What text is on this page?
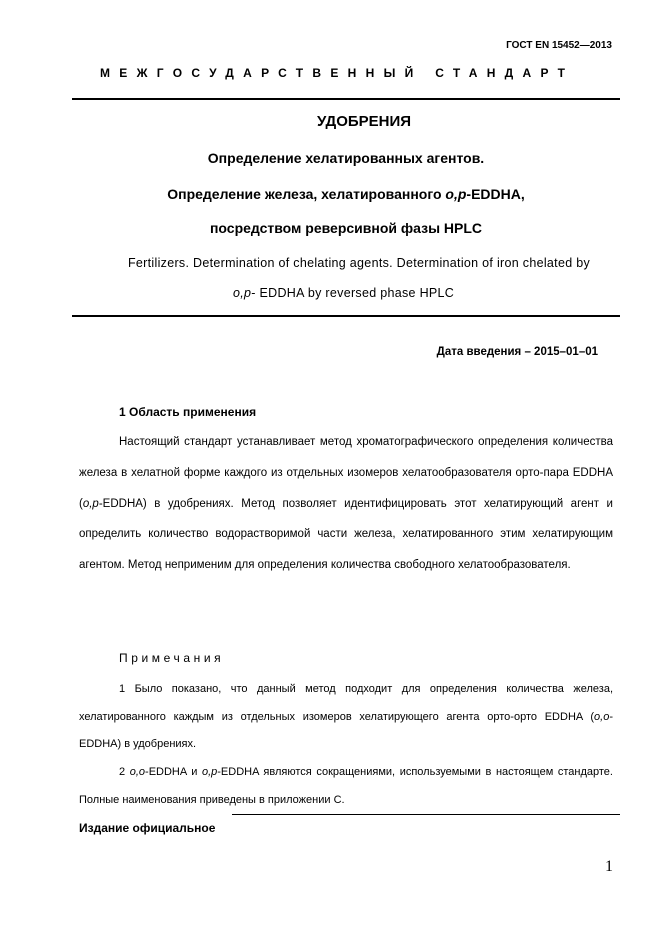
ГОСТ EN 15452—2013
МЕЖГОСУДАРСТВЕННЫЙ СТАНДАРТ
УДОБРЕНИЯ
Определение хелатированных агентов.
Определение железа, хелатированного o,p-EDDHA,
посредством реверсивной фазы HPLC
Fertilizers. Determination of chelating agents. Determination of iron chelated by
o,p- EDDHA by reversed phase HPLC
Дата введения – 2015–01–01
1 Область применения

Настоящий стандарт устанавливает метод хроматографического определения количества железа в хелатной форме каждого из отдельных изомеров хелатообразователя орто-пара EDDHA (o,p-EDDHA) в удобрениях. Метод позволяет идентифицировать этот хелатирующий агент и определить количество водорастворимой части железа, хелатированного этим хелатирующим агентом. Метод неприменим для определения количества свободного хелатообразователя.

Примечания

1 Было показано, что данный метод подходит для определения количества железа, хелатированного каждым из отдельных изомеров хелатирующего агента орто-орто EDDHA (o,o-EDDHA) в удобрениях.

2 o,o-EDDHA и o,p-EDDHA являются сокращениями, используемыми в настоящем стандарте. Полные наименования приведены в приложении С.

Издание официальное
1
